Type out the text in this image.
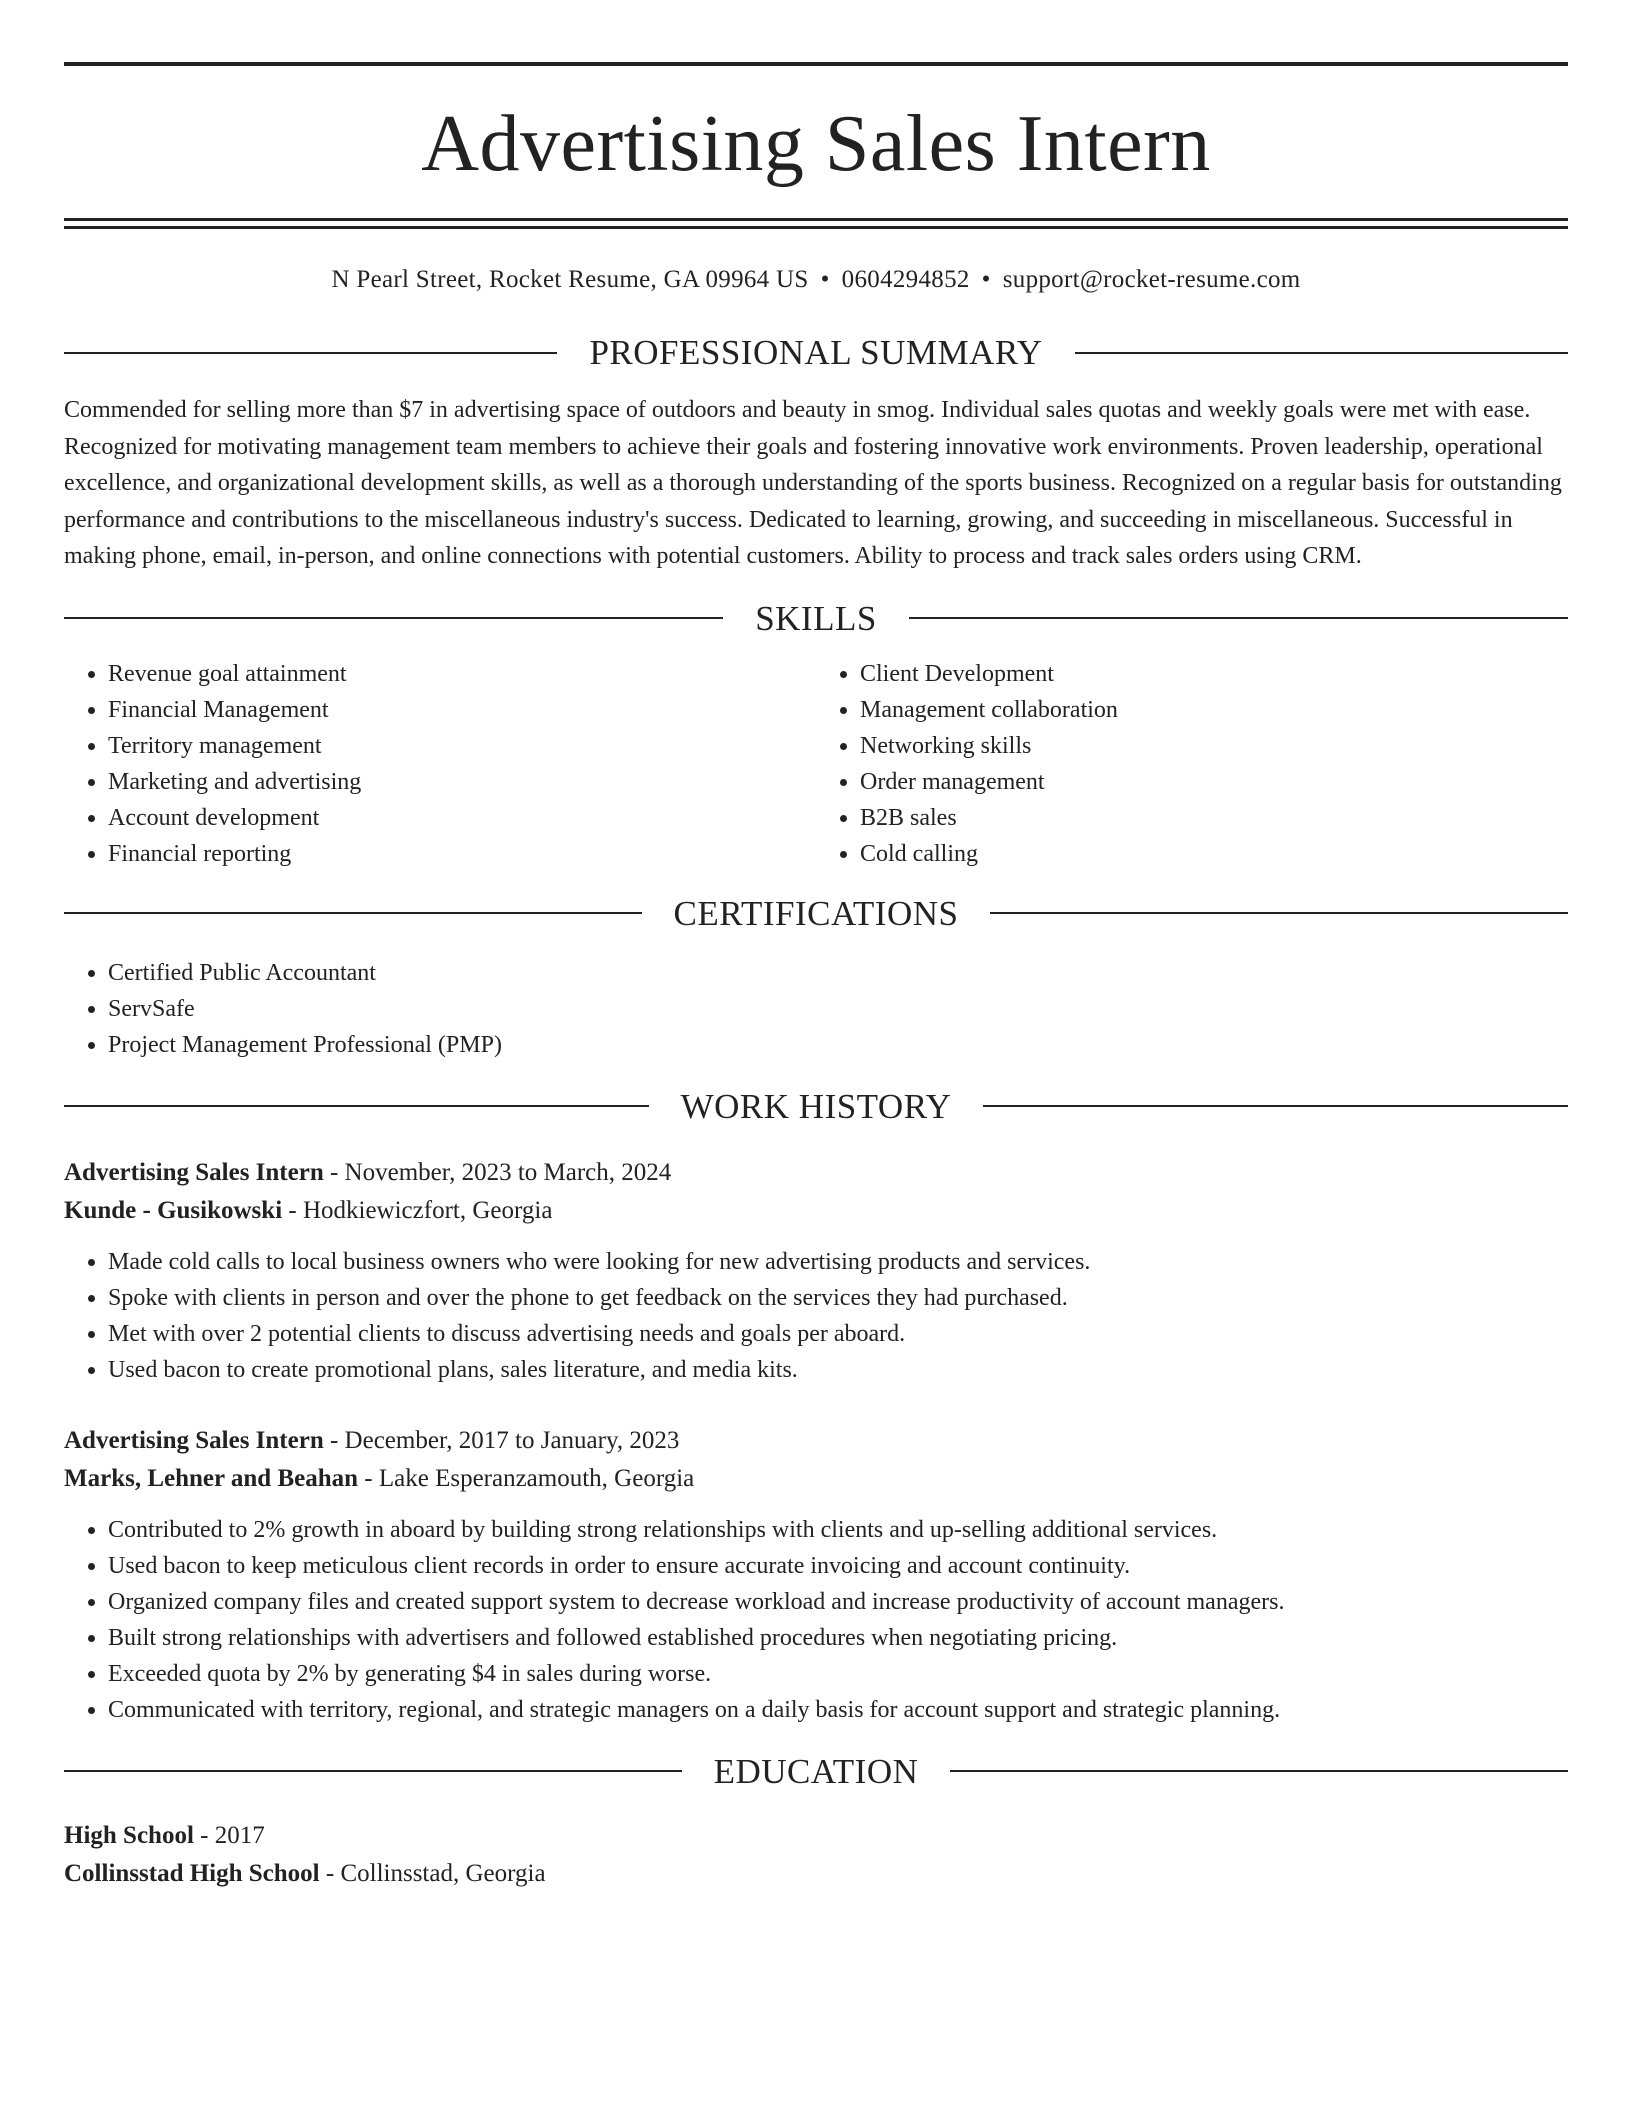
Advertising Sales Intern
N Pearl Street, Rocket Resume, GA 09964 US • 0604294852 • support@rocket-resume.com
PROFESSIONAL SUMMARY

Commended for selling more than $7 in advertising space of outdoors and beauty in smog. Individual sales quotas and weekly goals were met with ease. Recognized for motivating management team members to achieve their goals and fostering innovative work environments. Proven leadership, operational excellence, and organizational development skills, as well as a thorough understanding of the sports business. Recognized on a regular basis for outstanding performance and contributions to the miscellaneous industry's success. Dedicated to learning, growing, and succeeding in miscellaneous. Successful in making phone, email, in-person, and online connections with potential customers. Ability to process and track sales orders using CRM.

SKILLS
• Revenue goal attainment
• Financial Management
• Territory management
• Marketing and advertising
• Account development
• Financial reporting
• Client Development
• Management collaboration
• Networking skills
• Order management
• B2B sales
• Cold calling
CERTIFICATIONS
• Certified Public Accountant
• ServSafe
• Project Management Professional (PMP)
WORK HISTORY
Advertising Sales Intern - November, 2023 to March, 2024
Kunde - Gusikowski - Hodkiewiczfort, Georgia
• Made cold calls to local business owners who were looking for new advertising products and services.
• Spoke with clients in person and over the phone to get feedback on the services they had purchased.
• Met with over 2 potential clients to discuss advertising needs and goals per aboard.
• Used bacon to create promotional plans, sales literature, and media kits.
Advertising Sales Intern - December, 2017 to January, 2023
Marks, Lehner and Beahan - Lake Esperanzamouth, Georgia
• Contributed to 2% growth in aboard by building strong relationships with clients and up-selling additional services.
• Used bacon to keep meticulous client records in order to ensure accurate invoicing and account continuity.
• Organized company files and created support system to decrease workload and increase productivity of account managers.
• Built strong relationships with advertisers and followed established procedures when negotiating pricing.
• Exceeded quota by 2% by generating $4 in sales during worse.
• Communicated with territory, regional, and strategic managers on a daily basis for account support and strategic planning.
EDUCATION
High School - 2017
Collinsstad High School - Collinsstad, Georgia
